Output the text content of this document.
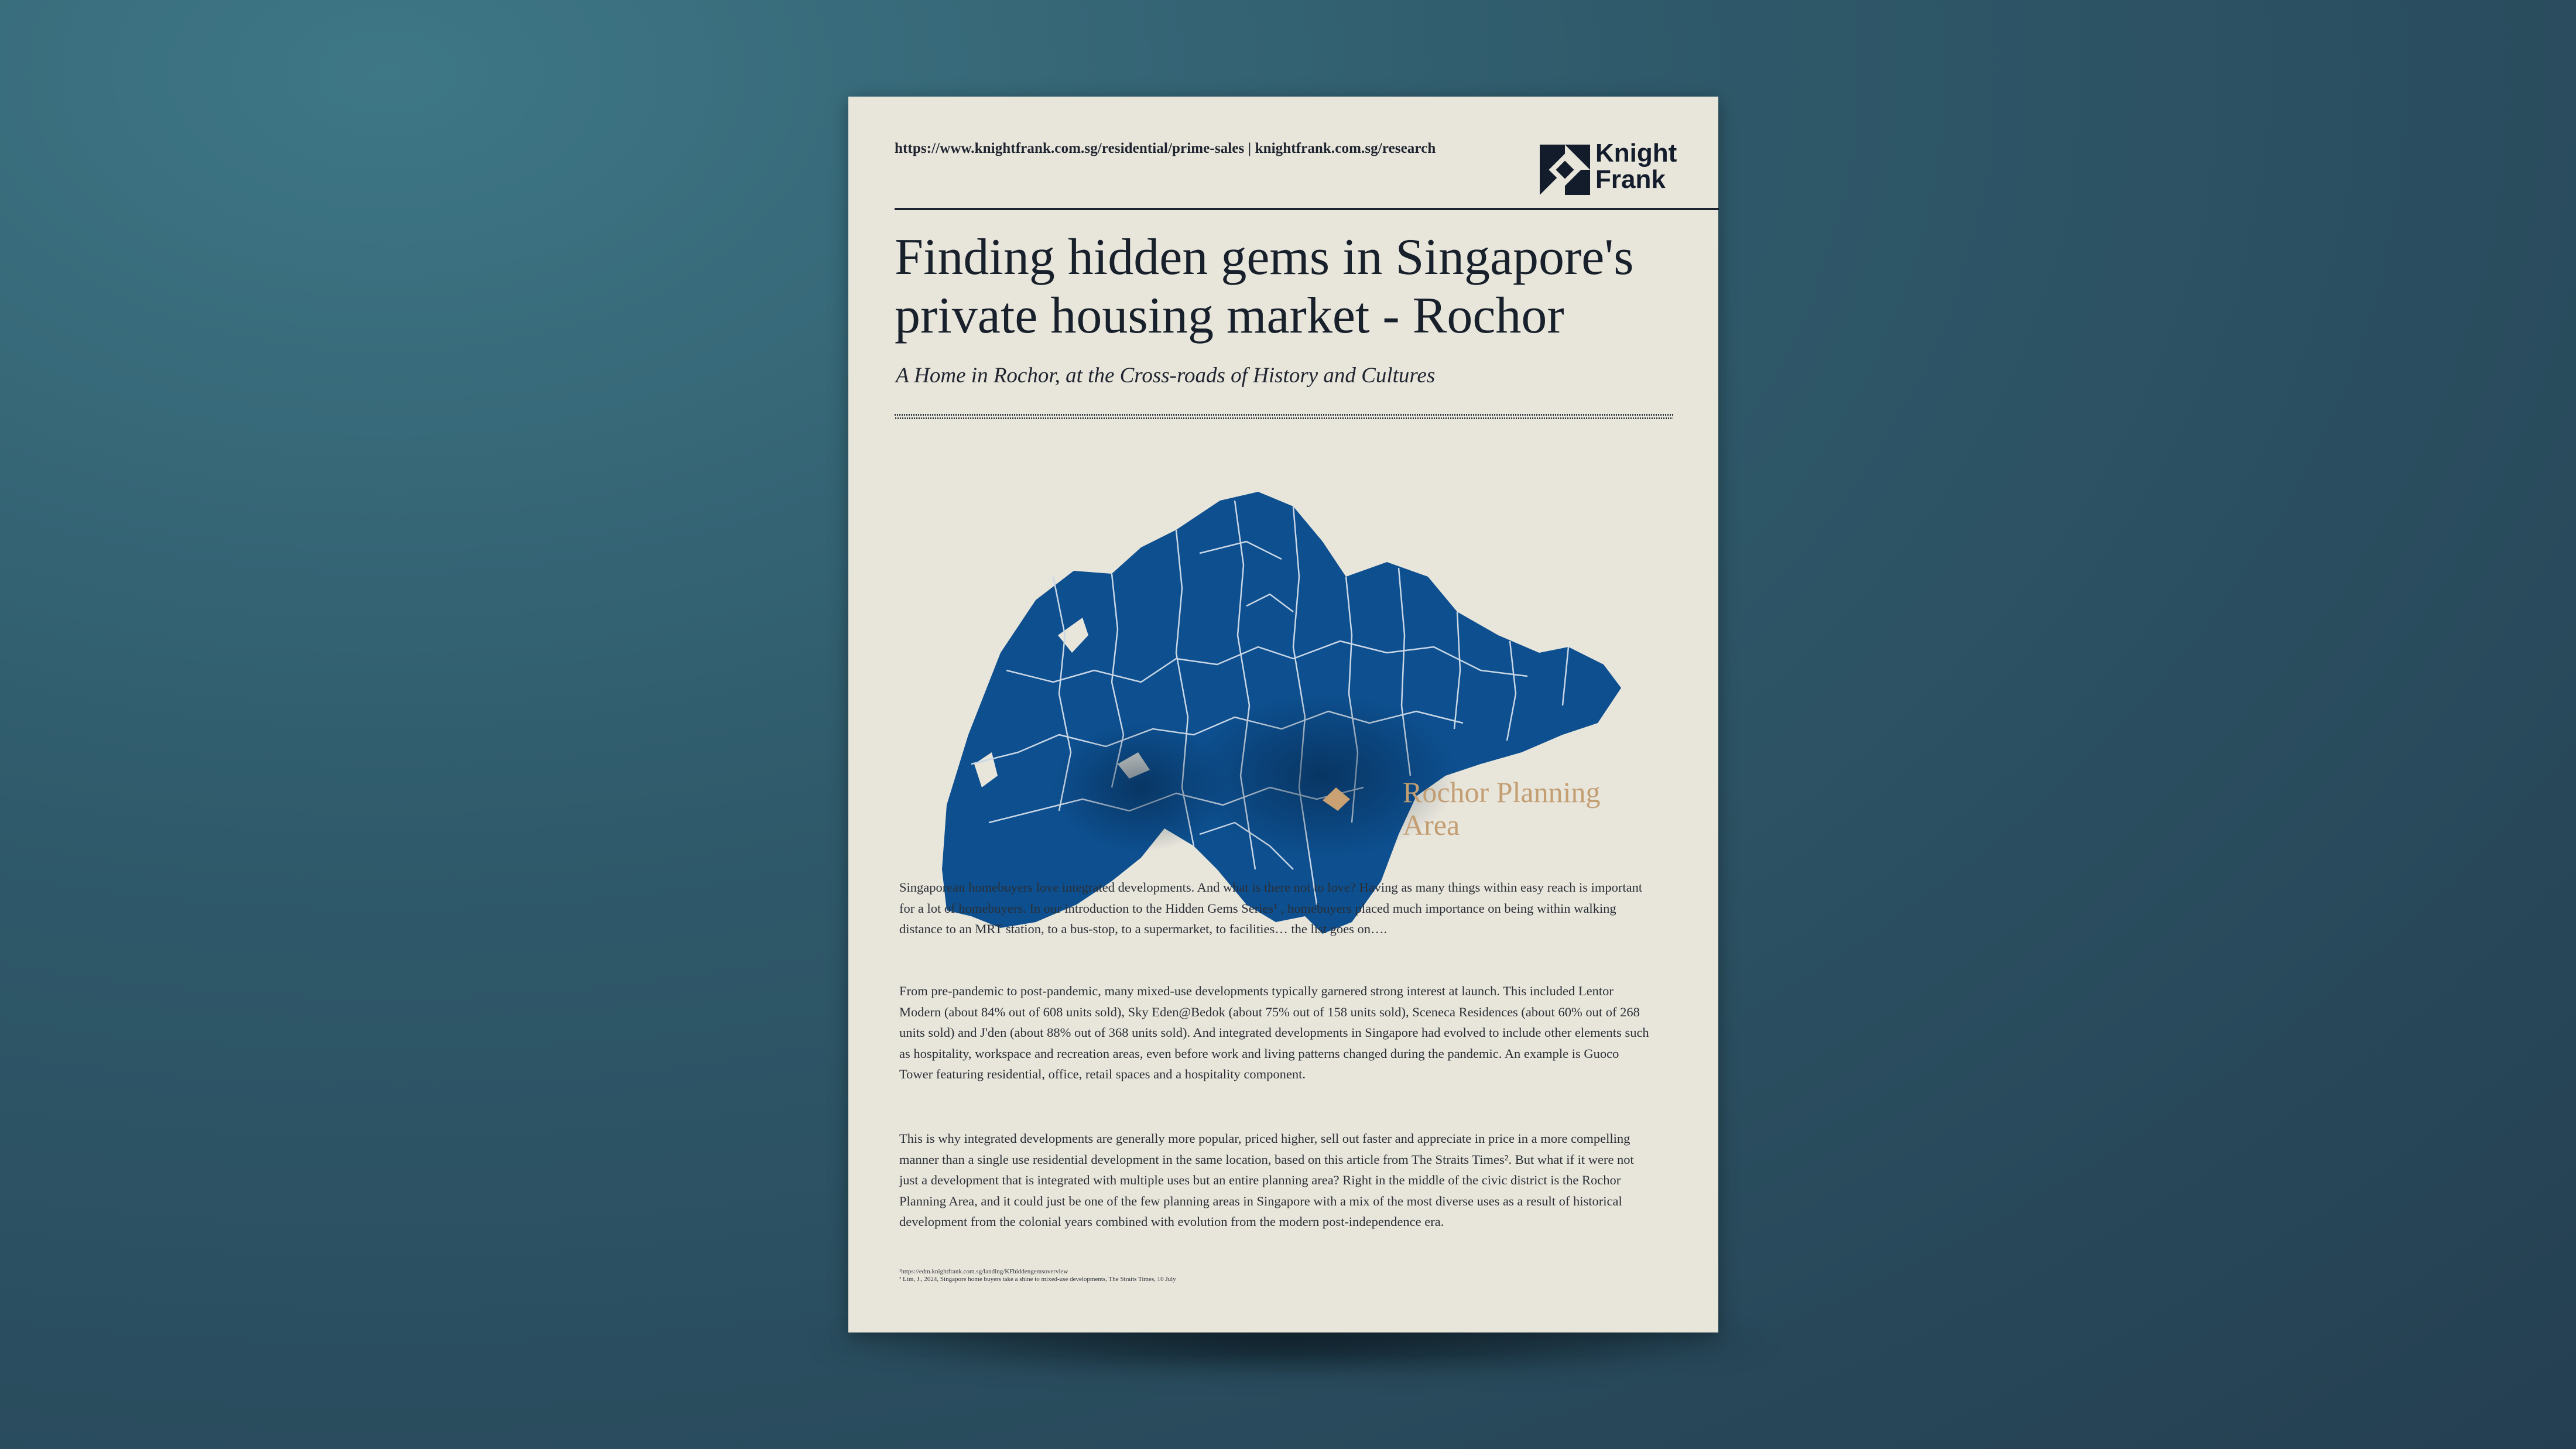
https://www.knightfrank.com.sg/residential/prime-sales | knightfrank.com.sg/research	Knight
Frank
Finding hidden gems in Singapore's private housing market - Rochor
A Home in Rochor, at the Cross-roads of History and Cultures
Rochor Planning Area

Singaporean homebuyers love integrated developments. And what is there not to love? Having as many things within easy reach is important for a lot of homebuyers. In our introduction to the Hidden Gems Series¹ , homebuyers placed much importance on being within walking distance to an MRT station, to a bus-stop, to a supermarket, to facilities… the list goes on….

From pre-pandemic to post-pandemic, many mixed-use developments typically garnered strong interest at launch. This included Lentor Modern (about 84% out of 608 units sold), Sky Eden@Bedok (about 75% out of 158 units sold), Sceneca Residences (about 60% out of 268 units sold) and J'den (about 88% out of 368 units sold). And integrated developments in Singapore had evolved to include other elements such as hospitality, workspace and recreation areas, even before work and living patterns changed during the pandemic. An example is Guoco Tower featuring residential, office, retail spaces and a hospitality component.

This is why integrated developments are generally more popular, priced higher, sell out faster and appreciate in price in a more compelling manner than a single use residential development in the same location, based on this article from The Straits Times². But what if it were not just a development that is integrated with multiple uses but an entire planning area? Right in the middle of the civic district is the Rochor Planning Area, and it could just be one of the few planning areas in Singapore with a mix of the most diverse uses as a result of historical development from the colonial years combined with evolution from the modern post-independence era.

¹https://edm.knightfrank.com.sg/landing/KFhiddengemsoverview
² Lim, J., 2024, Singapore home buyers take a shine to mixed-use developments, The Straits Times, 10 July
